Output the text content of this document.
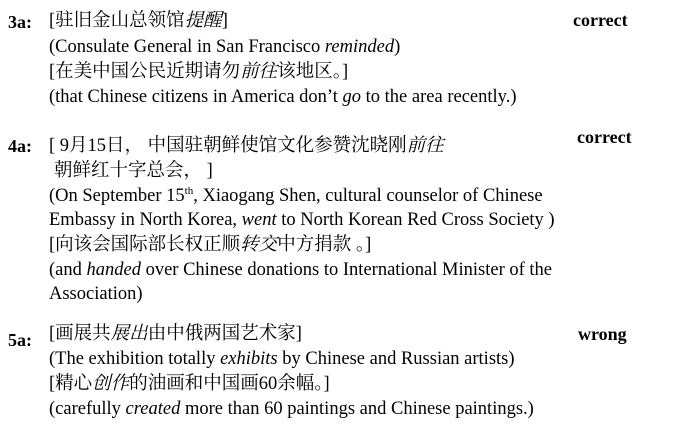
3a:	correct
[驻旧金山总领馆提醒]
(Consulate General in San Francisco reminded)
[在美中国公民近期请勿前往该地区。]
(that Chinese citizens in America don’t go to the area recently.)
4a:	correct
[ 9月15日， 中国驻朝鲜使馆文化参赞沈晓刚前往
朝鲜红十字总会， ]
(On September 15th, Xiaogang Shen, cultural counselor of Chinese
Embassy in North Korea, went to North Korean Red Cross Society )
[向该会国际部长权正顺转交中方捐款 。]
(and handed over Chinese donations to International Minister of the
Association)
5a:	wrong
[画展共展出由中俄两国艺术家]
(The exhibition totally exhibits by Chinese and Russian artists)
[精心创作的油画和中国画60余幅。]
(carefully created more than 60 paintings and Chinese paintings.)
